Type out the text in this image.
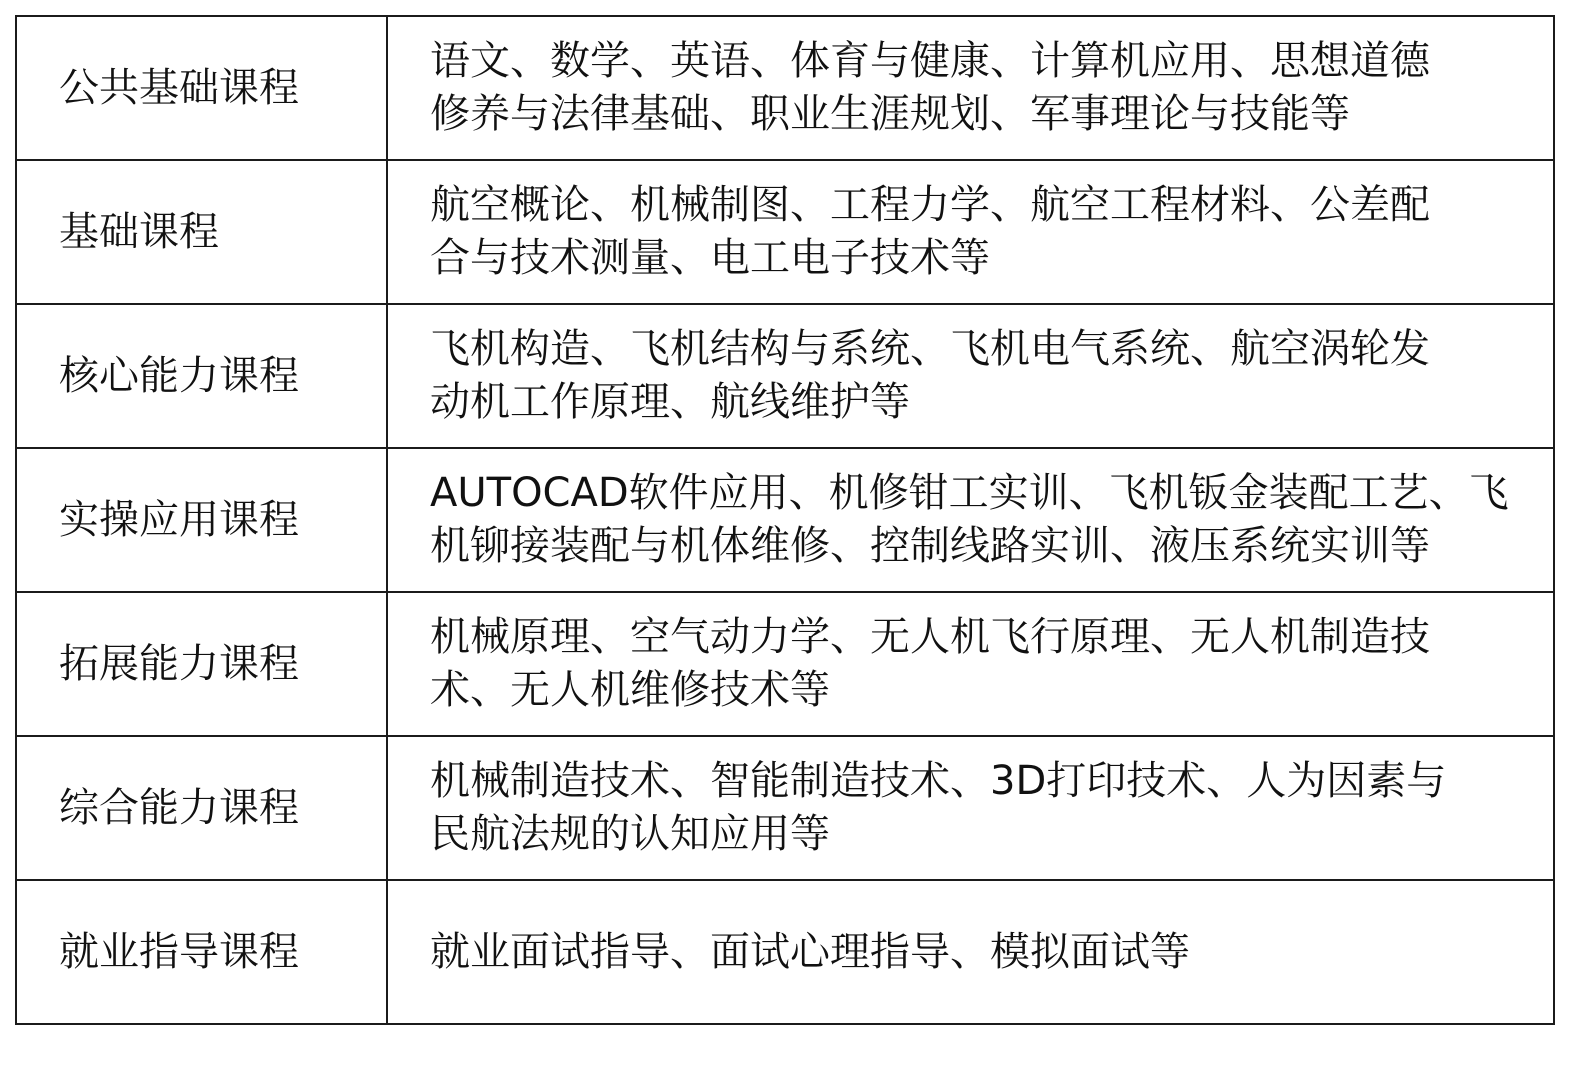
公共基础课程	语文、数学、英语、体育与健康、计算机应用、思想道德
修养与法律基础、职业生涯规划、军事理论与技能等

基础课程	航空概论、机械制图、工程力学、航空工程材料、公差配
合与技术测量、电工电子技术等

核心能力课程	飞机构造、飞机结构与系统、飞机电气系统、航空涡轮发
动机工作原理、航线维护等

实操应用课程	AUTOCAD软件应用、机修钳工实训、飞机钣金装配工艺、飞
机铆接装配与机体维修、控制线路实训、液压系统实训等

拓展能力课程	机械原理、空气动力学、无人机飞行原理、无人机制造技
术、无人机维修技术等

综合能力课程	机械制造技术、智能制造技术、3D打印技术、人为因素与
民航法规的认知应用等

就业指导课程	就业面试指导、面试心理指导、模拟面试等
